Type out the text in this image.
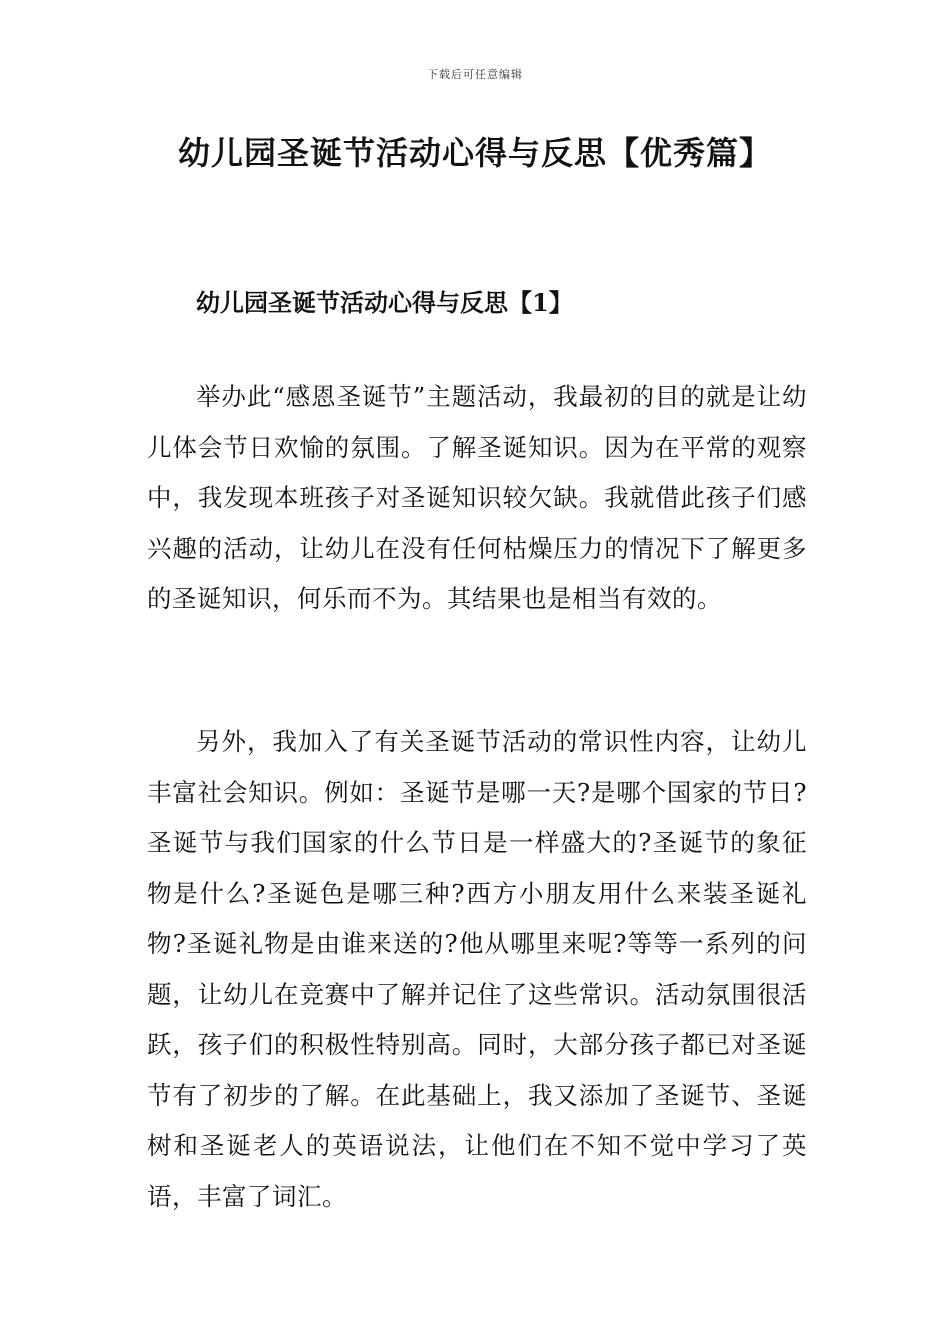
下载后可任意编辑
幼儿园圣诞节活动心得与反思【优秀篇】
幼儿园圣诞节活动心得与反思【1】

举办此“感恩圣诞节”主题活动，我最初的目的就是让幼儿体会节日欢愉的氛围。了解圣诞知识。因为在平常的观察中，我发现本班孩子对圣诞知识较欠缺。我就借此孩子们感兴趣的活动，让幼儿在没有任何枯燥压力的情况下了解更多的圣诞知识，何乐而不为。其结果也是相当有效的。

另外，我加入了有关圣诞节活动的常识性内容，让幼儿丰富社会知识。例如：圣诞节是哪一天?是哪个国家的节日?圣诞节与我们国家的什么节日是一样盛大的?圣诞节的象征物是什么?圣诞色是哪三种?西方小朋友用什么来装圣诞礼物?圣诞礼物是由谁来送的?他从哪里来呢?等等一系列的问题，让幼儿在竞赛中了解并记住了这些常识。活动氛围很活跃，孩子们的积极性特别高。同时，大部分孩子都已对圣诞节有了初步的了解。在此基础上，我又添加了圣诞节、圣诞树和圣诞老人的英语说法，让他们在不知不觉中学习了英语，丰富了词汇。
